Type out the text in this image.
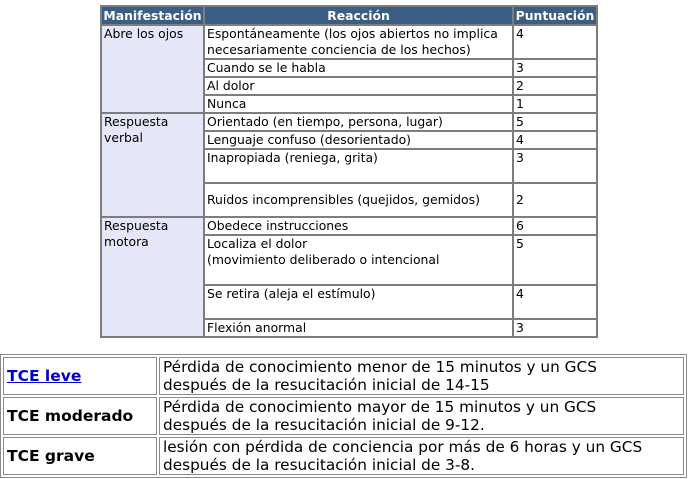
Manifestación	Reacción	Puntuación
Abre los ojos	Espontáneamente (los ojos abiertos no implica
necesariamente conciencia de los hechos)	4
	Cuando se le habla	3
	Al dolor	2
	Nunca	1
Respuesta
verbal	Orientado (en tiempo, persona, lugar)	5
	Lenguaje confuso (desorientado)	4
	Inapropiada (reniega, grita)	3
	Ruidos incomprensibles (quejidos, gemidos)	2
Respuesta
motora	Obedece instrucciones	6
	Localiza el dolor
(movimiento deliberado o intencional	5
	Se retira (aleja el estímulo)	4
	Flexión anormal	3
TCE leve	Pérdida de conocimiento menor de 15 minutos y un GCS
después de la resucitación inicial de 14-15
TCE moderado	Pérdida de conocimiento mayor de 15 minutos y un GCS
después de la resucitación inicial de 9-12.
TCE grave	lesión con pérdida de conciencia por más de 6 horas y un GCS
después de la resucitación inicial de 3-8.
